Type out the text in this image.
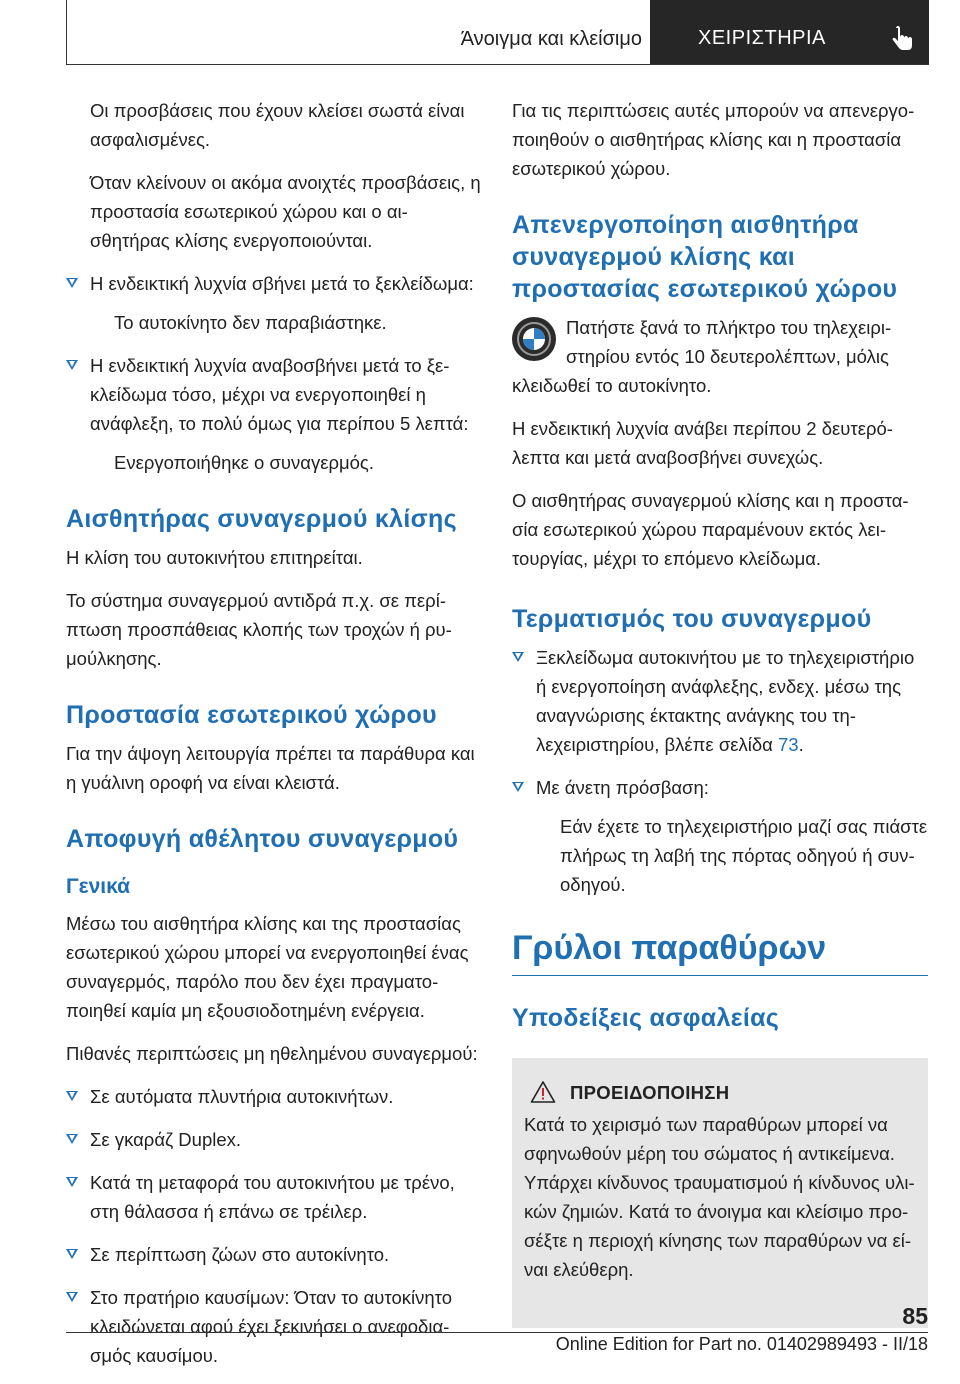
Άνοιγμα και κλείσιμο	ΧΕΙΡΙΣΤΗΡΙΑ

Οι προσβάσεις που έχουν κλείσει σωστά είναι ασφαλισμένες.

Όταν κλείνουν οι ακόμα ανοιχτές προσβάσεις, η προστασία εσωτερικού χώρου και ο αισθητήρας κλίσης ενεργοποιούνται.

Η ενδεικτική λυχνία σβήνει μετά το ξεκλείδωμα:
Το αυτοκίνητο δεν παραβιάστηκε.
Η ενδεικτική λυχνία αναβοσβήνει μετά το ξεκλείδωμα τόσο, μέχρι να ενεργοποιηθεί η ανάφλεξη, το πολύ όμως για περίπου 5 λεπτά:
Ενεργοποιήθηκε ο συναγερμός.
Αισθητήρας συναγερμού κλίσης

Η κλίση του αυτοκινήτου επιτηρείται.

Το σύστημα συναγερμού αντιδρά π.χ. σε περίπτωση προσπάθειας κλοπής των τροχών ή ρυμούλκησης.

Προστασία εσωτερικού χώρου

Για την άψογη λειτουργία πρέπει τα παράθυρα και η γυάλινη οροφή να είναι κλειστά.

Αποφυγή αθέλητου συναγερμού
Γενικά

Μέσω του αισθητήρα κλίσης και της προστασίας εσωτερικού χώρου μπορεί να ενεργοποιηθεί ένας συναγερμός, παρόλο που δεν έχει πραγματοποιηθεί καμία μη εξουσιοδοτημένη ενέργεια.

Πιθανές περιπτώσεις μη ηθελημένου συναγερμού:

Σε αυτόματα πλυντήρια αυτοκινήτων.
Σε γκαράζ Duplex.
Κατά τη μεταφορά του αυτοκινήτου με τρένο, στη θάλασσα ή επάνω σε τρέιλερ.
Σε περίπτωση ζώων στο αυτοκίνητο.
Στο πρατήριο καυσίμων: Όταν το αυτοκίνητο κλειδώνεται αφού έχει ξεκινήσει ο ανεφοδιασμός καυσίμου.

Για τις περιπτώσεις αυτές μπορούν να απενεργοποιηθούν ο αισθητήρας κλίσης και η προστασία εσωτερικού χώρου.

Απενεργοποίηση αισθητήρα συναγερμού κλίσης και προστασίας εσωτερικού χώρου

Πατήστε ξανά το πλήκτρο του τηλεχειριστηρίου εντός 10 δευτερολέπτων, μόλις κλειδωθεί το αυτοκίνητο.

Η ενδεικτική λυχνία ανάβει περίπου 2 δευτερόλεπτα και μετά αναβοσβήνει συνεχώς.

Ο αισθητήρας συναγερμού κλίσης και η προστασία εσωτερικού χώρου παραμένουν εκτός λειτουργίας, μέχρι το επόμενο κλείδωμα.

Τερματισμός του συναγερμού
Ξεκλείδωμα αυτοκινήτου με το τηλεχειριστήριο ή ενεργοποίηση ανάφλεξης, ενδεχ. μέσω της αναγνώρισης έκτακτης ανάγκης του τηλεχειριστηρίου, βλέπε σελίδα 73.
Με άνετη πρόσβαση:
Εάν έχετε το τηλεχειριστήριο μαζί σας πιάστε πλήρως τη λαβή της πόρτας οδηγού ή συνοδηγού.
Γρύλοι παραθύρων
Υποδείξεις ασφαλείας
ΠΡΟΕΙΔΟΠΟΙΗΣΗ

Κατά το χειρισμό των παραθύρων μπορεί να σφηνωθούν μέρη του σώματος ή αντικείμενα. Υπάρχει κίνδυνος τραυματισμού ή κίνδυνος υλικών ζημιών. Κατά το άνοιγμα και κλείσιμο προσέξτε η περιοχή κίνησης των παραθύρων να είναι ελεύθερη.

85
Online Edition for Part no. 01402989493 - II/18
